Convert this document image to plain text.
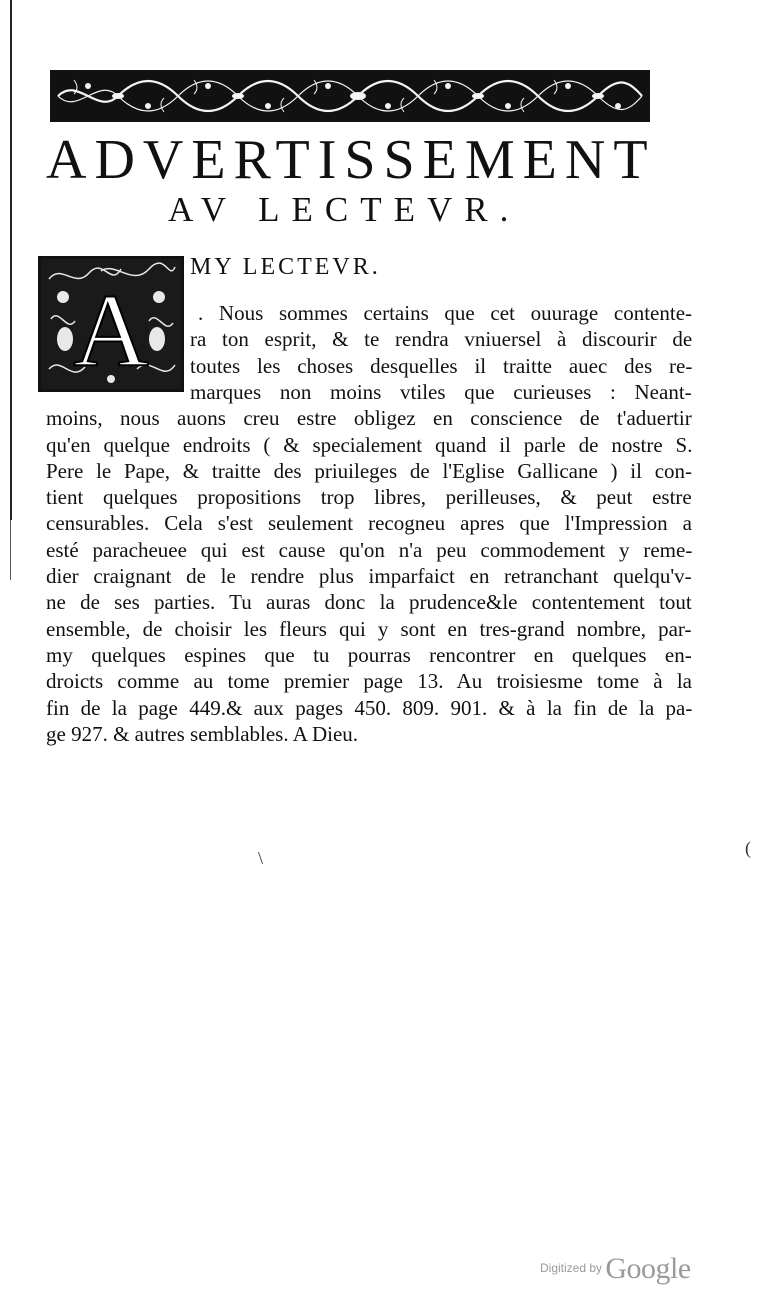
ADVERTISSEMENT
AV LECTEVR.
A
MY LECTEVR.
. Nous sommes certains que cet ouurage contente-
ra ton esprit, & te rendra vniuersel à discourir de
toutes les choses desquelles il traitte auec des re-
marques non moins vtiles que curieuses : Neant-
moins, nous auons creu estre obligez en conscience de t'aduertir
qu'en quelque endroits ( & specialement quand il parle de nostre S.
Pere le Pape, & traitte des priuileges de l'Eglise Gallicane ) il con-
tient quelques propositions trop libres, perilleuses, & peut estre
censurables. Cela s'est seulement recogneu apres que l'Impression a
esté paracheuee qui est cause qu'on n'a peu commodement y reme-
dier craignant de le rendre plus imparfaict en retranchant quelqu'v-
ne de ses parties. Tu auras donc la prudence&le contentement tout
ensemble, de choisir les fleurs qui y sont en tres-grand nombre, par-
my quelques espines que tu pourras rencontrer en quelques en-
droicts comme au tome premier page 13. Au troisiesme tome à la
fin de la page 449.& aux pages 450. 809. 901. & à la fin de la pa-
ge 927. & autres semblables. A Dieu.
\	(
Digitized by Google
